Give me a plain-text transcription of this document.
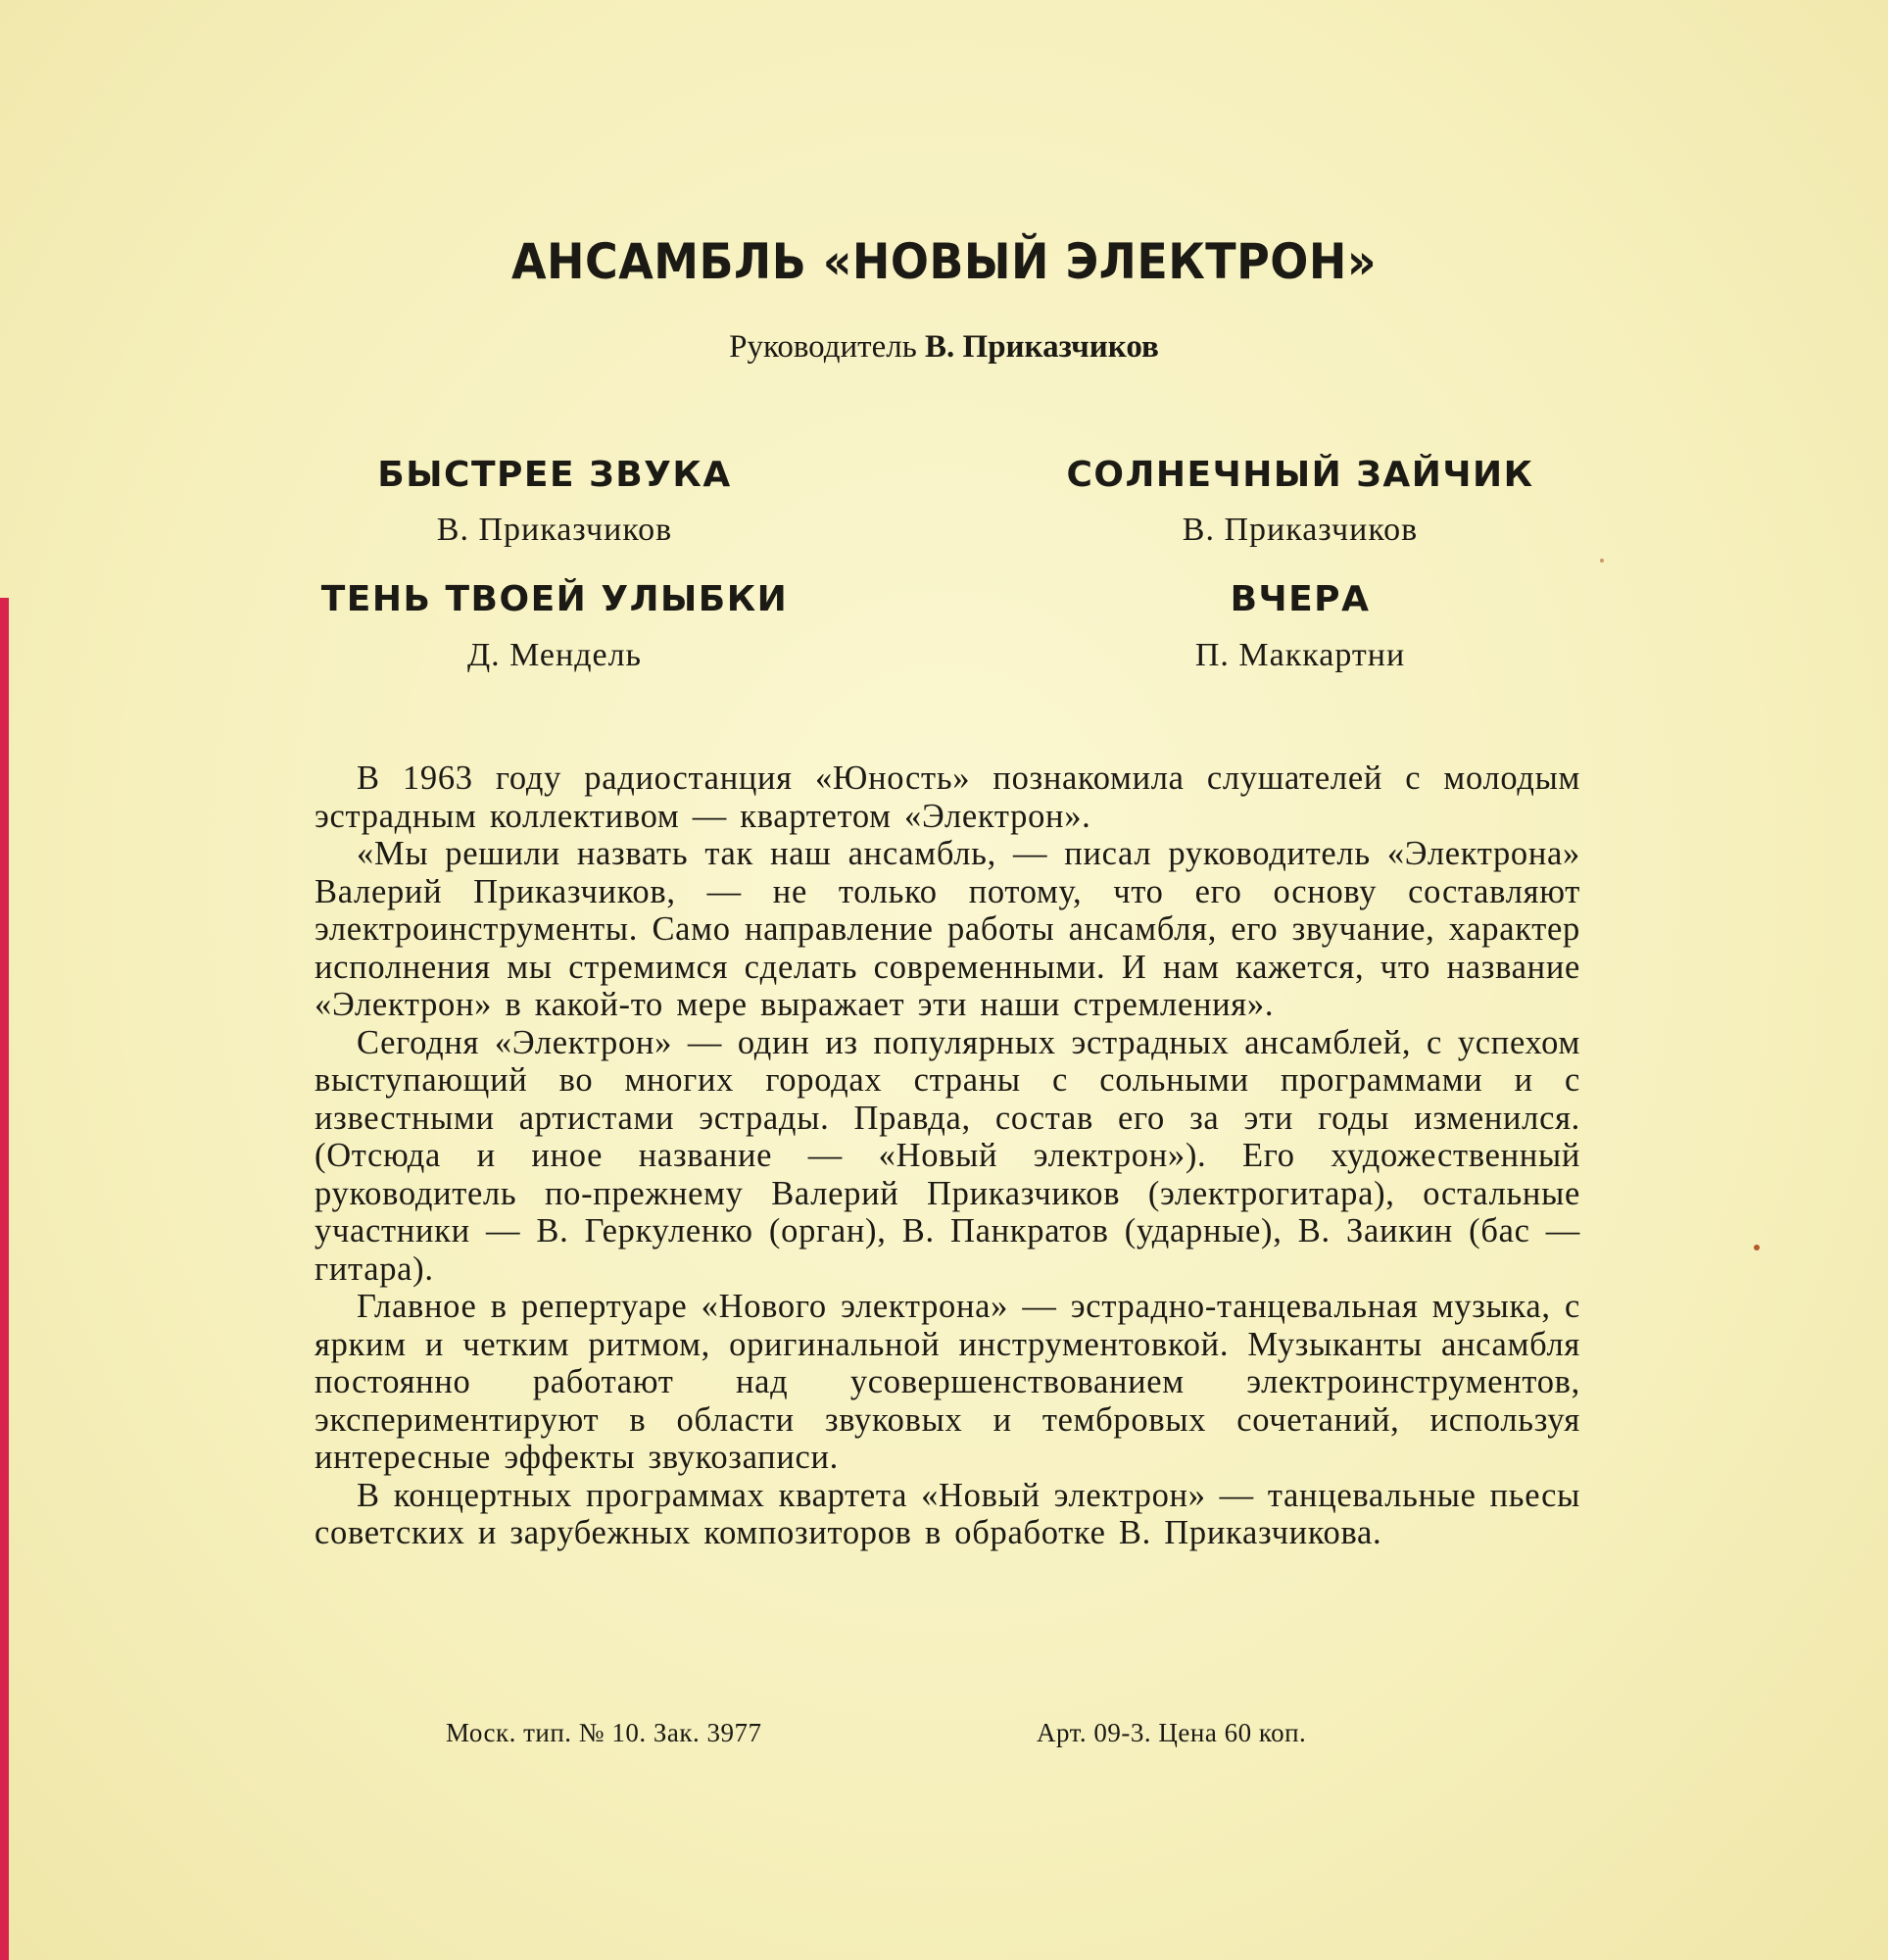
АНСАМБЛЬ «НОВЫЙ ЭЛЕКТРОН»
Руководитель В. Приказчиков
БЫСТРЕЕ ЗВУКА
В. Приказчиков
СОЛНЕЧНЫЙ ЗАЙЧИК
В. Приказчиков
ТЕНЬ ТВОЕЙ УЛЫБКИ
Д. Мендель
ВЧЕРА
П. Маккартни

В 1963 году радиостанция «Юность» познакомила слушателей с молодым эстрадным коллективом — квартетом «Электрон».

«Мы решили назвать так наш ансамбль, — писал руководитель «Электрона» Валерий Приказчиков, — не только потому, что его основу составляют электроинструменты. Само направление работы ансамбля, его звучание, характер исполнения мы стремимся сделать современными. И нам кажется, что название «Электрон» в какой-то мере выражает эти наши стремления».

Сегодня «Электрон» — один из популярных эстрадных ансамблей, с успехом выступающий во многих городах страны с сольными программами и с известными артистами эстрады. Правда, состав его за эти годы изменился. (Отсюда и иное название — «Новый электрон»). Его художественный руководитель по-прежнему Валерий Приказчиков (электрогитара), остальные участники — В. Геркуленко (орган), В. Панкратов (ударные), В. Заикин (бас — гитара).

Главное в репертуаре «Нового электрона» — эстрадно-танцевальная музыка, с ярким и четким ритмом, оригинальной инструментовкой. Музыканты ансамбля постоянно работают над усовершенствованием электроинструментов, экспериментируют в области звуковых и тембровых сочетаний, используя интересные эффекты звукозаписи.

В концертных программах квартета «Новый электрон» — танцевальные пьесы советских и зарубежных композиторов в обработке В. Приказчикова.

Моск. тип. № 10. Зак. 3977	Арт. 09-3. Цена 60 коп.
